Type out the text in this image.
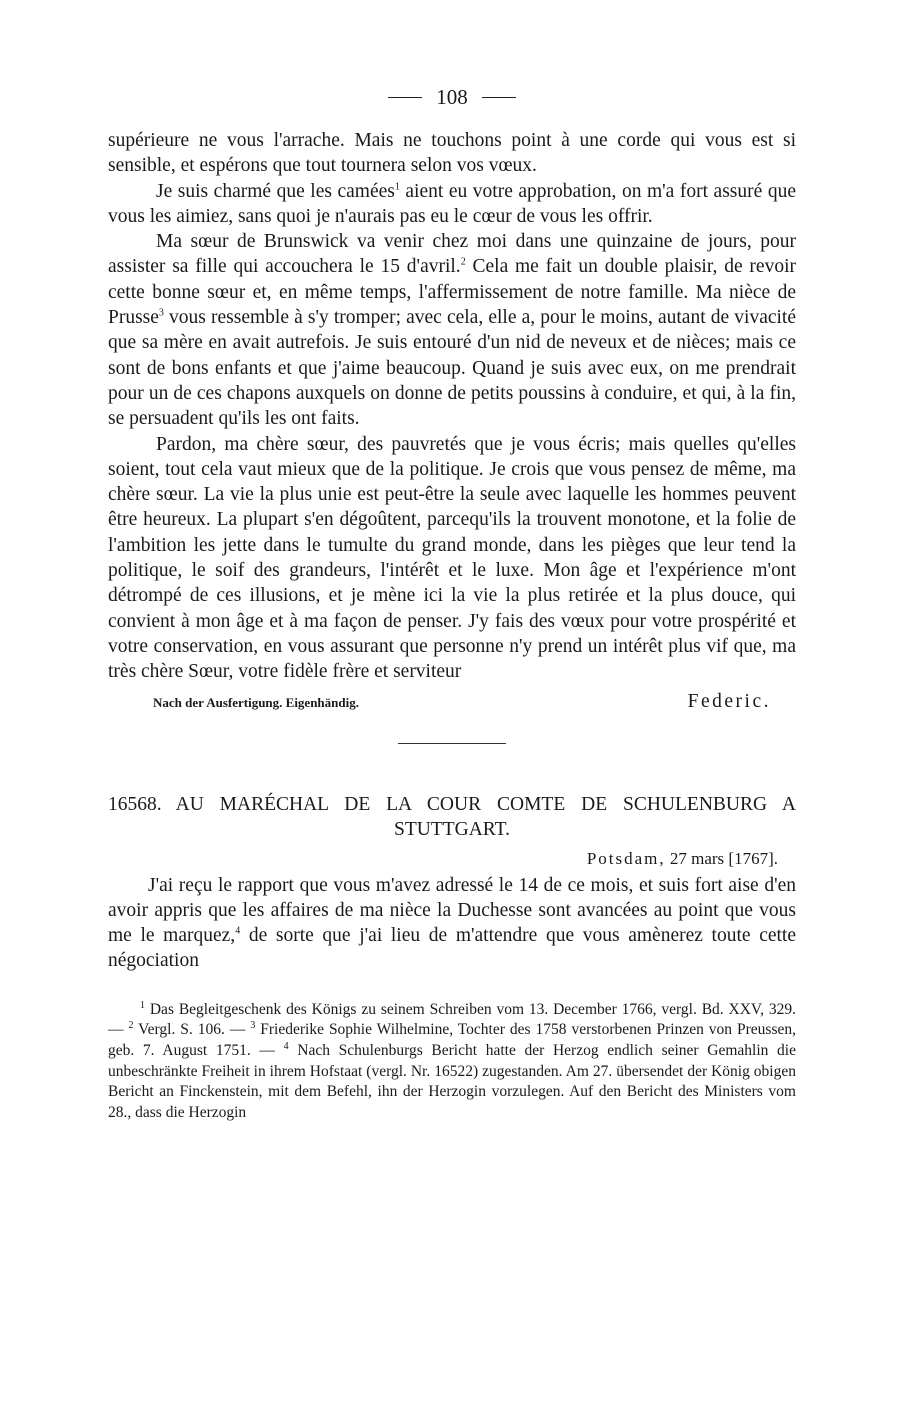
108

supérieure ne vous l'arrache. Mais ne touchons point à une corde qui vous est si sensible, et espérons que tout tournera selon vos vœux.

Je suis charmé que les camées$^1$ aient eu votre approbation, on m'a fort assuré que vous les aimiez, sans quoi je n'aurais pas eu le cœur de vous les offrir.

Ma sœur de Brunswick va venir chez moi dans une quinzaine de jours, pour assister sa fille qui accouchera le 15 d'avril.$^2$ Cela me fait un double plaisir, de revoir cette bonne sœur et, en même temps, l'affermissement de notre famille. Ma nièce de Prusse$^3$ vous ressemble à s'y tromper; avec cela, elle a, pour le moins, autant de vivacité que sa mère en avait autrefois. Je suis entouré d'un nid de neveux et de nièces; mais ce sont de bons enfants et que j'aime beaucoup. Quand je suis avec eux, on me prendrait pour un de ces chapons auxquels on donne de petits poussins à conduire, et qui, à la fin, se persuadent qu'ils les ont faits.

Pardon, ma chère sœur, des pauvretés que je vous écris; mais quelles qu'elles soient, tout cela vaut mieux que de la politique. Je crois que vous pensez de même, ma chère sœur. La vie la plus unie est peut-être la seule avec laquelle les hommes peuvent être heureux. La plupart s'en dégoûtent, parcequ'ils la trouvent monotone, et la folie de l'ambition les jette dans le tumulte du grand monde, dans les pièges que leur tend la politique, le soif des grandeurs, l'intérêt et le luxe. Mon âge et l'expérience m'ont détrompé de ces illusions, et je mène ici la vie la plus retirée et la plus douce, qui convient à mon âge et à ma façon de penser. J'y fais des vœux pour votre prospérité et votre conservation, en vous assurant que personne n'y prend un intérêt plus vif que, ma très chère Sœur, votre fidèle frère et serviteur

Nach der Ausfertigung. Eigenhändig.	Federic.
16568. AU MARÉCHAL DE LA COUR COMTE DE SCHULENBURG A STUTTGART.
Potsdam, 27 mars [1767].

J'ai reçu le rapport que vous m'avez adressé le 14 de ce mois, et suis fort aise d'en avoir appris que les affaires de ma nièce la Duchesse sont avancées au point que vous me le marquez,$^4$ de sorte que j'ai lieu de m'attendre que vous amènerez toute cette négociation

$^1$ Das Begleitgeschenk des Königs zu seinem Schreiben vom 13. December 1766, vergl. Bd. XXV, 329. — $^2$ Vergl. S. 106. — $^3$ Friederike Sophie Wilhelmine, Tochter des 1758 verstorbenen Prinzen von Preussen, geb. 7. August 1751. — $^4$ Nach Schulenburgs Bericht hatte der Herzog endlich seiner Gemahlin die unbeschränkte Freiheit in ihrem Hofstaat (vergl. Nr. 16522) zugestanden. Am 27. übersendet der König obigen Bericht an Finckenstein, mit dem Befehl, ihn der Herzogin vorzulegen. Auf den Bericht des Ministers vom 28., dass die Herzogin
